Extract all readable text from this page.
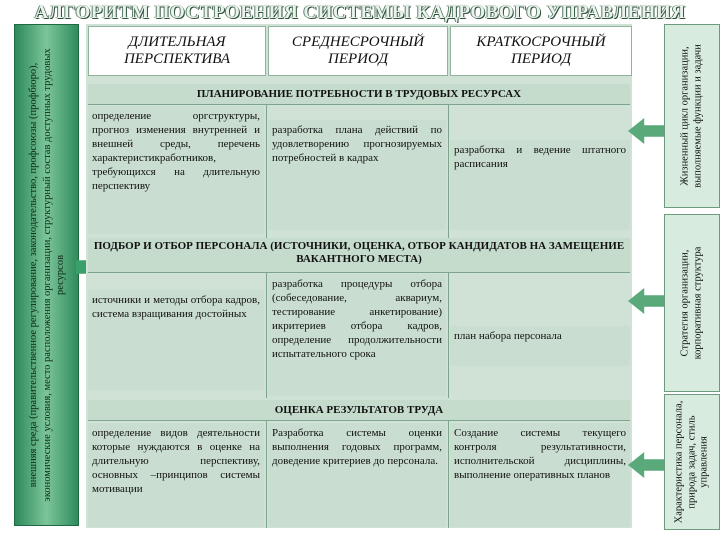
АЛГОРИТМ ПОСТРОЕНИЯ СИСТЕМЫ КАДРОВОГО УПРАВЛЕНИЯ
внешняя среда (правительственное регулирование, законодательство, профсоюзы (профбюро), экономические условия, место расположения организации, структурный состав доступных трудовых ресурсов
ДЛИТЕЛЬНАЯ ПЕРСПЕКТИВА
СРЕДНЕСРОЧНЫЙ ПЕРИОД
КРАТКОСРОЧНЫЙ ПЕРИОД
ПЛАНИРОВАНИЕ ПОТРЕБНОСТИ В ТРУДОВЫХ РЕСУРСАХ
определение оргструктуры, прогноз изменения внутренней и внешней среды, перечень характеристикработников, требующихся на длительную перспективу
разработка плана действий по удовлетворению прогнозируемых потребностей в кадрах
разработка и ведение штатного расписания
ПОДБОР И ОТБОР ПЕРСОНАЛА (ИСТОЧНИКИ, ОЦЕНКА, ОТБОР КАНДИДАТОВ НА ЗАМЕЩЕНИЕ ВАКАНТНОГО МЕСТА)
источники и методы отбора кадров, система взращивания достойных
разработка процедуры отбора (собеседование, аквариум, тестирование анкетирование) икритериев отбора кадров, определение продолжительности испытательного срока
план набора персонала
ОЦЕНКА РЕЗУЛЬТАТОВ ТРУДА
определение видов деятельности которые нуждаются в оценке на длительную перспективу, основных –принципов системы мотивации
Разработка системы оценки выполнения годовых программ, доведение критериев до персонала.
Создание системы текущего контроля результативности, исполнительской дисциплины, выполнение оперативных планов
Жизненный цикл организации, выполняемые функции и задачи
Стратегия организации, корпоративная структура
Характеристика персонала, природа задач, стиль управления
